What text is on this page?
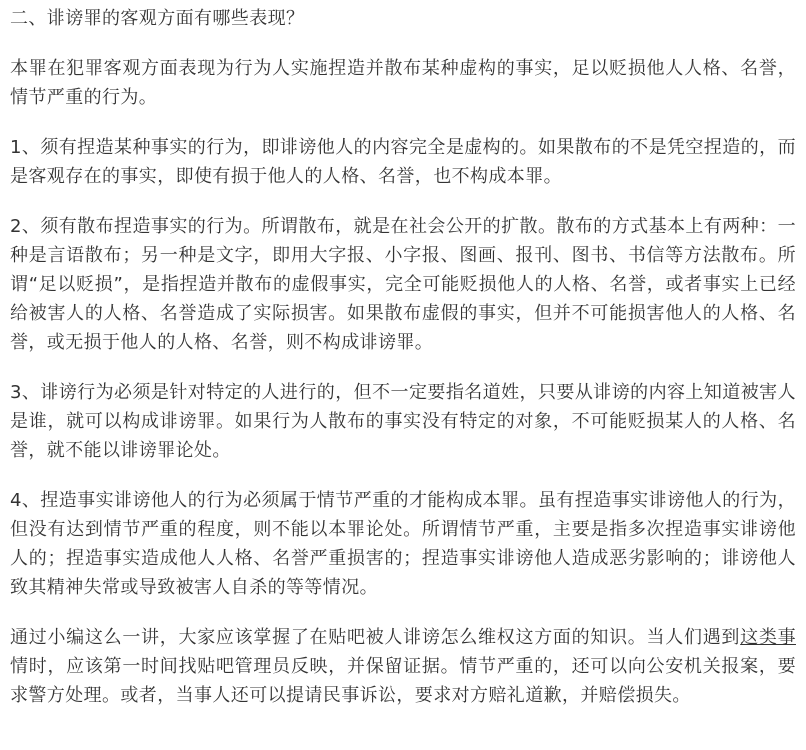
二、诽谤罪的客观方面有哪些表现？

本罪在犯罪客观方面表现为行为人实施捏造并散布某种虚构的事实，足以贬损他人人格、名誉，情节严重的行为。

1、须有捏造某种事实的行为，即诽谤他人的内容完全是虚构的。如果散布的不是凭空捏造的，而是客观存在的事实，即使有损于他人的人格、名誉，也不构成本罪。

2、须有散布捏造事实的行为。所谓散布，就是在社会公开的扩散。散布的方式基本上有两种：一种是言语散布；另一种是文字，即用大字报、小字报、图画、报刊、图书、书信等方法散布。所谓“足以贬损”，是指捏造并散布的虚假事实，完全可能贬损他人的人格、名誉，或者事实上已经给被害人的人格、名誉造成了实际损害。如果散布虚假的事实，但并不可能损害他人的人格、名誉，或无损于他人的人格、名誉，则不构成诽谤罪。

3、诽谤行为必须是针对特定的人进行的，但不一定要指名道姓，只要从诽谤的内容上知道被害人是谁，就可以构成诽谤罪。如果行为人散布的事实没有特定的对象，不可能贬损某人的人格、名誉，就不能以诽谤罪论处。

4、捏造事实诽谤他人的行为必须属于情节严重的才能构成本罪。虽有捏造事实诽谤他人的行为，但没有达到情节严重的程度，则不能以本罪论处。所谓情节严重，主要是指多次捏造事实诽谤他人的；捏造事实造成他人人格、名誉严重损害的；捏造事实诽谤他人造成恶劣影响的；诽谤他人致其精神失常或导致被害人自杀的等等情况。

通过小编这么一讲，大家应该掌握了在贴吧被人诽谤怎么维权这方面的知识。当人们遇到这类事情时，应该第一时间找贴吧管理员反映，并保留证据。情节严重的，还可以向公安机关报案，要求警方处理。或者，当事人还可以提请民事诉讼，要求对方赔礼道歉，并赔偿损失。
